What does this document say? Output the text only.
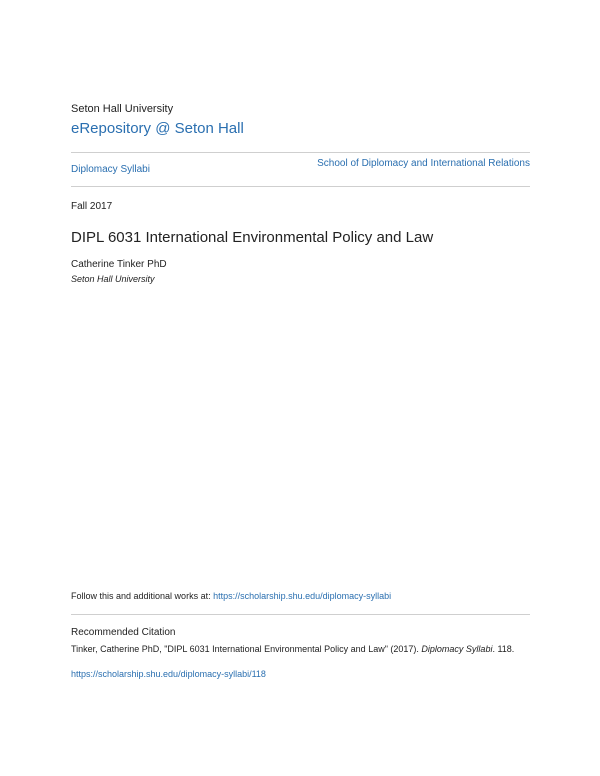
Seton Hall University
eRepository @ Seton Hall
Diplomacy Syllabi
School of Diplomacy and International Relations
Fall 2017
DIPL 6031 International Environmental Policy and Law
Catherine Tinker PhD
Seton Hall University
Follow this and additional works at: https://scholarship.shu.edu/diplomacy-syllabi
Recommended Citation
Tinker, Catherine PhD, "DIPL 6031 International Environmental Policy and Law" (2017). Diplomacy Syllabi. 118.
https://scholarship.shu.edu/diplomacy-syllabi/118
